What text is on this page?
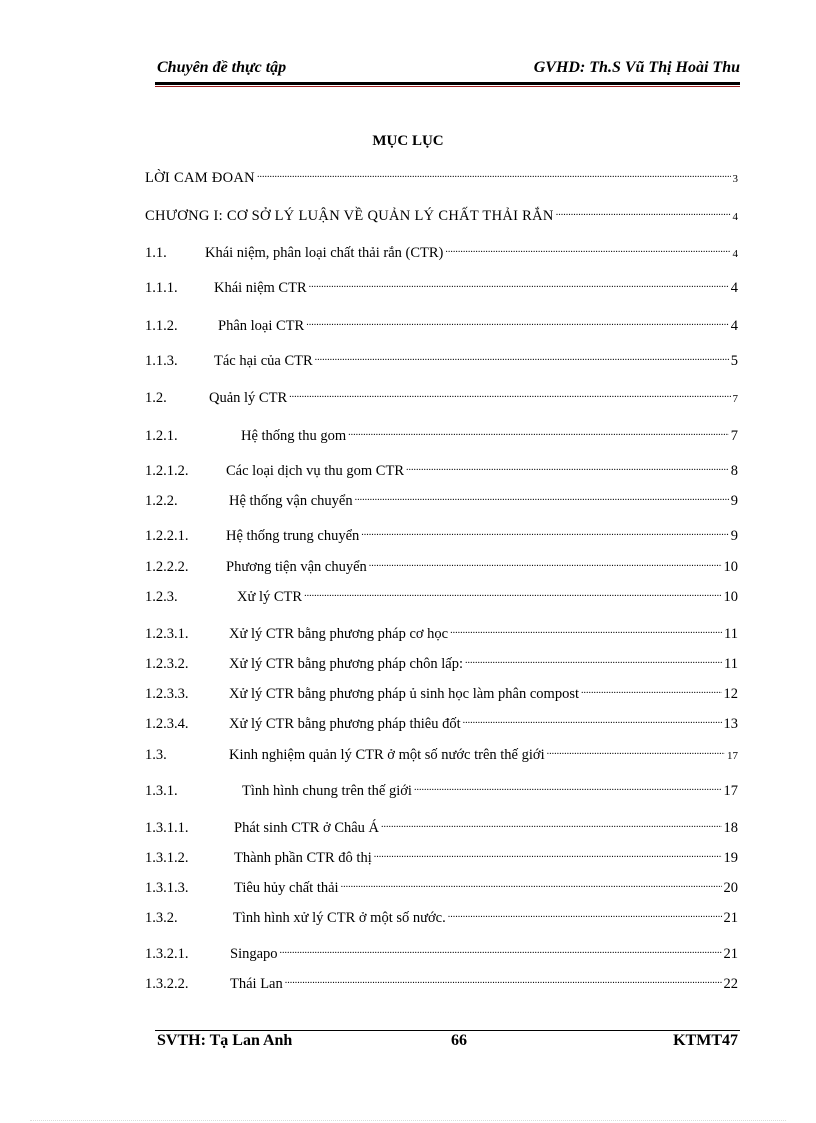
Chuyên đề thực tập	GVHD: Th.S Vũ Thị Hoài Thu
MỤC LỤC
LỜI CAM ĐOAN .....	3
CHƯƠNG I: CƠ SỞ LÝ LUẬN VỀ QUẢN LÝ CHẤT THẢI RẮN .....	4
1.1.	Khái niệm, phân loại chất thải rắn (CTR) .....	4
1.1.1.	Khái niệm CTR .....	4
1.1.2.	Phân loại CTR .....	4
1.1.3.	Tác hại của CTR .....	5
1.2.	Quản lý CTR .....	7
1.2.1.	Hệ thống thu gom .....	7
1.2.1.2.	Các loại dịch vụ thu gom CTR .....	8
1.2.2.	Hệ thống vận chuyển .....	9
1.2.2.1.	Hệ thống trung chuyển .....	9
1.2.2.2.	Phương tiện vận chuyển .....	10
1.2.3.	Xử lý CTR .....	10
1.2.3.1.	Xử lý CTR bằng phương pháp cơ học .....	11
1.2.3.2.	Xử lý CTR bằng phương pháp chôn lấp: .....	11
1.2.3.3.	Xử lý CTR bằng phương pháp ủ sinh học làm phân compost .....	12
1.2.3.4.	Xử lý CTR bằng phương pháp thiêu đốt .....	13
1.3.	Kinh nghiệm quản lý CTR ở một số nước trên thế giới .....	17
1.3.1.	Tình hình chung trên thế giới .....	17
1.3.1.1.	Phát sinh CTR ở Châu Á .....	18
1.3.1.2.	Thành phần CTR đô thị .....	19
1.3.1.3.	Tiêu hủy chất thải .....	20
1.3.2.	Tình hình xử lý CTR ở một số nước. .....	21
1.3.2.1.	Singapo .....	21
1.3.2.2.	Thái Lan .....	22
SVTH: Tạ Lan Anh	66	KTMT47
